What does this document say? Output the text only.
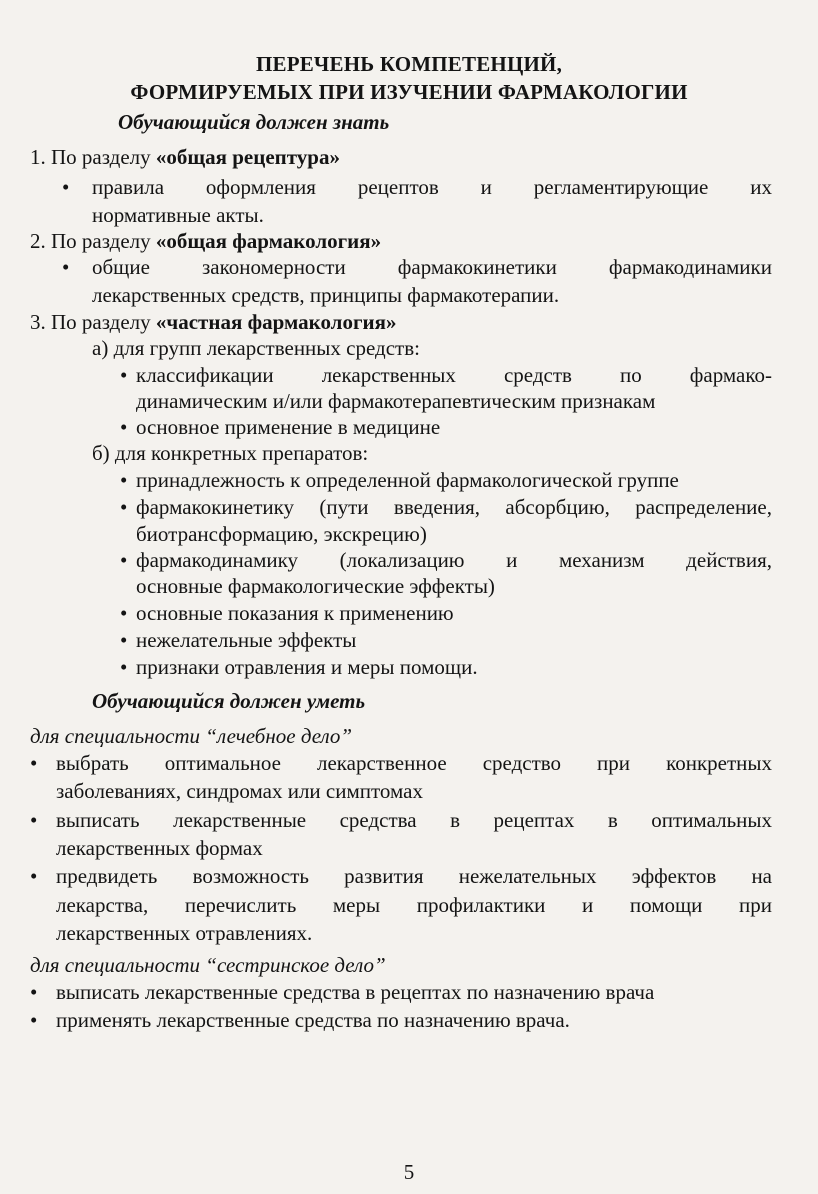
ПЕРЕЧЕНЬ КОМПЕТЕНЦИЙ,
ФОРМИРУЕМЫХ ПРИ ИЗУЧЕНИИ ФАРМАКОЛОГИИ
Обучающийся должен знать
1. По разделу «общая рецептура»
• правила оформления рецептов и регламентирующие их
нормативные акты.
2. По разделу «общая фармакология»
• общие закономерности фармакокинетики фармакодинамики
лекарственных средств, принципы фармакотерапии.
3. По разделу «частная фармакология»
а) для групп лекарственных средств:
• классификации лекарственных средств по фармако-
динамическим и/или фармакотерапевтическим признакам
• основное применение в медицине
б) для конкретных препаратов:
• принадлежность к определенной фармакологической группе
• фармакокинетику (пути введения, абсорбцию, распределение,
биотрансформацию, экскрецию)
• фармакодинамику (локализацию и механизм действия,
основные фармакологические эффекты)
• основные показания к применению
• нежелательные эффекты
• признаки отравления и меры помощи.
Обучающийся должен уметь
для специальности “лечебное дело”
• выбрать оптимальное лекарственное средство при конкретных
заболеваниях, синдромах или симптомах
• выписать лекарственные средства в рецептах в оптимальных
лекарственных формах
• предвидеть возможность развития нежелательных эффектов на
лекарства, перечислить меры профилактики и помощи при
лекарственных отравлениях.
для специальности “сестринское дело”
• выписать лекарственные средства в рецептах по назначению врача
• применять лекарственные средства по назначению врача.
5
